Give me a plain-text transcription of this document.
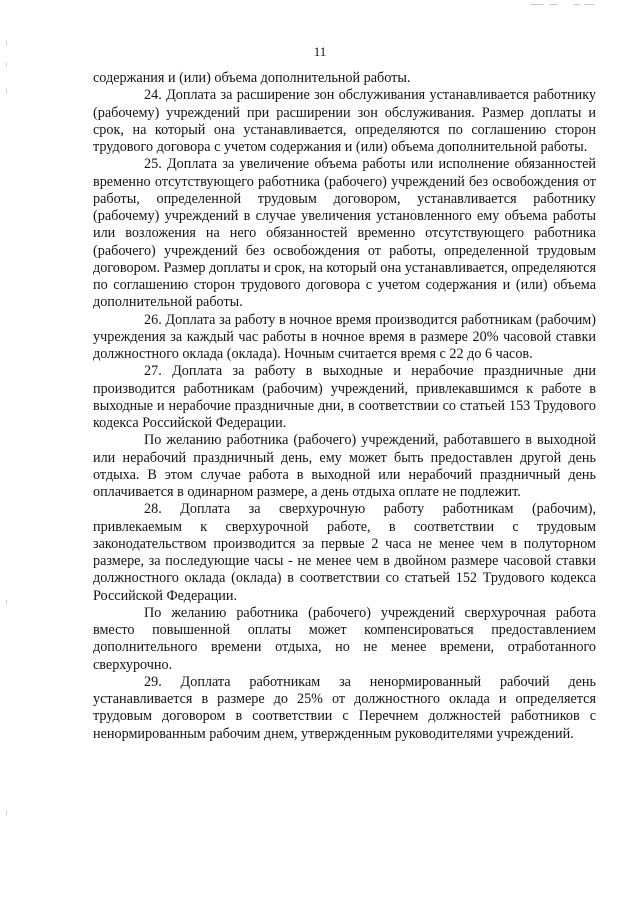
11

содержания и (или) объема дополнительной работы.

24. Доплата за расширение зон обслуживания устанавливается работнику (рабочему) учреждений при расширении зон обслуживания. Размер доплаты и срок, на который она устанавливается, определяются по соглашению сторон трудового договора с учетом содержания и (или) объема дополнительной работы.

25. Доплата за увеличение объема работы или исполнение обязанностей временно отсутствующего работника (рабочего) учреждений без освобождения от работы, определенной трудовым договором, устанавливается работнику (рабочему) учреждений в случае увеличения установленного ему объема работы или возложения на него обязанностей временно отсутствующего работника (рабочего) учреждений без освобождения от работы, определенной трудовым договором. Размер доплаты и срок, на который она устанавливается, определяются по соглашению сторон трудового договора с учетом содержания и (или) объема дополнительной работы.

26. Доплата за работу в ночное время производится работникам (рабочим) учреждения за каждый час работы в ночное время в размере 20% часовой ставки должностного оклада (оклада). Ночным считается время с 22 до 6 часов.

27. Доплата за работу в выходные и нерабочие праздничные дни производится работникам (рабочим) учреждений, привлекавшимся к работе в выходные и нерабочие праздничные дни, в соответствии со статьей 153 Трудового кодекса Российской Федерации.

По желанию работника (рабочего) учреждений, работавшего в выходной или нерабочий праздничный день, ему может быть предоставлен другой день отдыха. В этом случае работа в выходной или нерабочий праздничный день оплачивается в одинарном размере, а день отдыха оплате не подлежит.

28. Доплата за сверхурочную работу работникам (рабочим), привлекаемым к сверхурочной работе, в соответствии с трудовым законодательством производится за первые 2 часа не менее чем в полуторном размере, за последующие часы - не менее чем в двойном размере часовой ставки должностного оклада (оклада) в соответствии со статьей 152 Трудового кодекса Российской Федерации.

По желанию работника (рабочего) учреждений сверхурочная работа вместо повышенной оплаты может компенсироваться предоставлением дополнительного времени отдыха, но не менее времени, отработанного сверхурочно.

29. Доплата работникам за ненормированный рабочий день устанавливается в размере до 25% от должностного оклада и определяется трудовым договором в соответствии с Перечнем должностей работников с ненормированным рабочим днем, утвержденным руководителями учреждений.
